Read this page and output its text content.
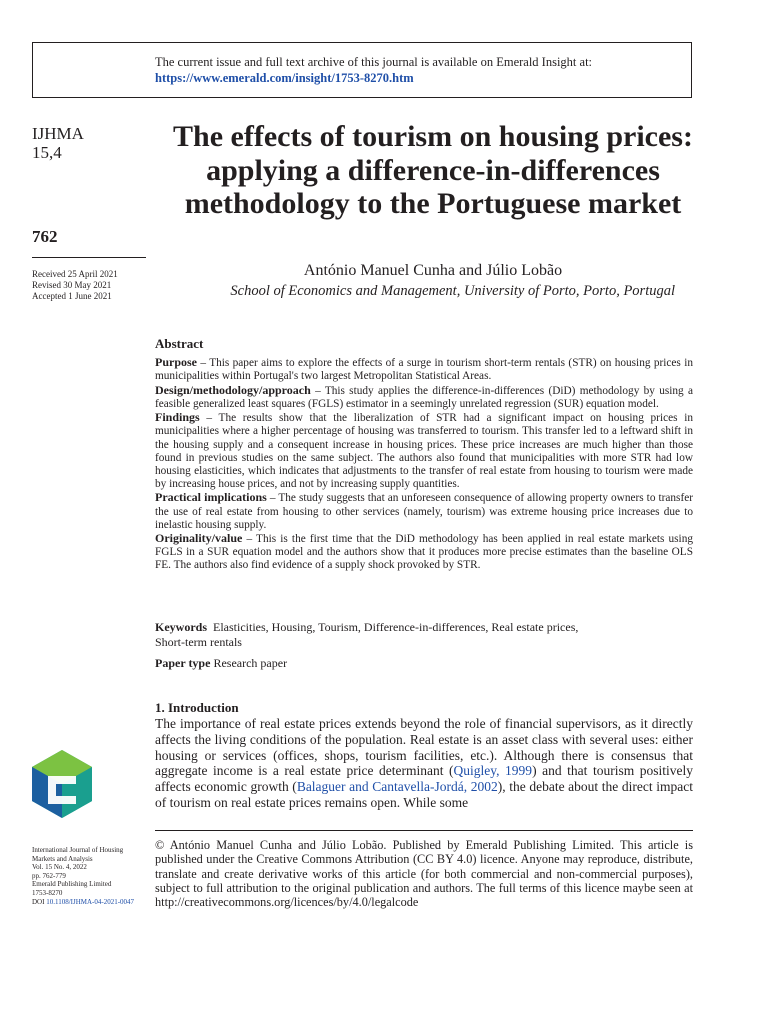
The current issue and full text archive of this journal is available on Emerald Insight at:
https://www.emerald.com/insight/1753-8270.htm
IJHMA
15,4
762
Received 25 April 2021
Revised 30 May 2021
Accepted 1 June 2021
International Journal of Housing
Markets and Analysis
Vol. 15 No. 4, 2022
pp. 762-779
Emerald Publishing Limited
1753-8270
DOI 10.1108/IJHMA-04-2021-0047
The effects of tourism on housing prices: applying a difference-in-differences methodology to the Portuguese market
António Manuel Cunha and Júlio Lobão
School of Economics and Management, University of Porto, Porto, Portugal
Abstract

Purpose – This paper aims to explore the effects of a surge in tourism short-term rentals (STR) on housing prices in municipalities within Portugal's two largest Metropolitan Statistical Areas.

Design/methodology/approach – This study applies the difference-in-differences (DiD) methodology by using a feasible generalized least squares (FGLS) estimator in a seemingly unrelated regression (SUR) equation model.

Findings – The results show that the liberalization of STR had a significant impact on housing prices in municipalities where a higher percentage of housing was transferred to tourism. This transfer led to a leftward shift in the housing supply and a consequent increase in housing prices. These price increases are much higher than those found in previous studies on the same subject. The authors also found that municipalities with more STR had low housing elasticities, which indicates that adjustments to the transfer of real estate from housing to tourism were made by increasing house prices, and not by increasing supply quantities.

Practical implications – The study suggests that an unforeseen consequence of allowing property owners to transfer the use of real estate from housing to other services (namely, tourism) was extreme housing price increases due to inelastic housing supply.

Originality/value – This is the first time that the DiD methodology has been applied in real estate markets using FGLS in a SUR equation model and the authors show that it produces more precise estimates than the baseline OLS FE. The authors also find evidence of a supply shock provoked by STR.

Keywords Elasticities, Housing, Tourism, Difference-in-differences, Real estate prices,
Short-term rentals
Paper type Research paper
1. Introduction

The importance of real estate prices extends beyond the role of financial supervisors, as it directly affects the living conditions of the population. Real estate is an asset class with several uses: either housing or services (offices, shops, tourism facilities, etc.). Although there is consensus that aggregate income is a real estate price determinant (Quigley, 1999) and that tourism positively affects economic growth (Balaguer and Cantavella-Jordá, 2002), the debate about the direct impact of tourism on real estate prices remains open. While some

© António Manuel Cunha and Júlio Lobão. Published by Emerald Publishing Limited. This article is published under the Creative Commons Attribution (CC BY 4.0) licence. Anyone may reproduce, distribute, translate and create derivative works of this article (for both commercial and non-commercial purposes), subject to full attribution to the original publication and authors. The full terms of this licence maybe seen at http://creativecommons.org/licences/by/4.0/legalcode
